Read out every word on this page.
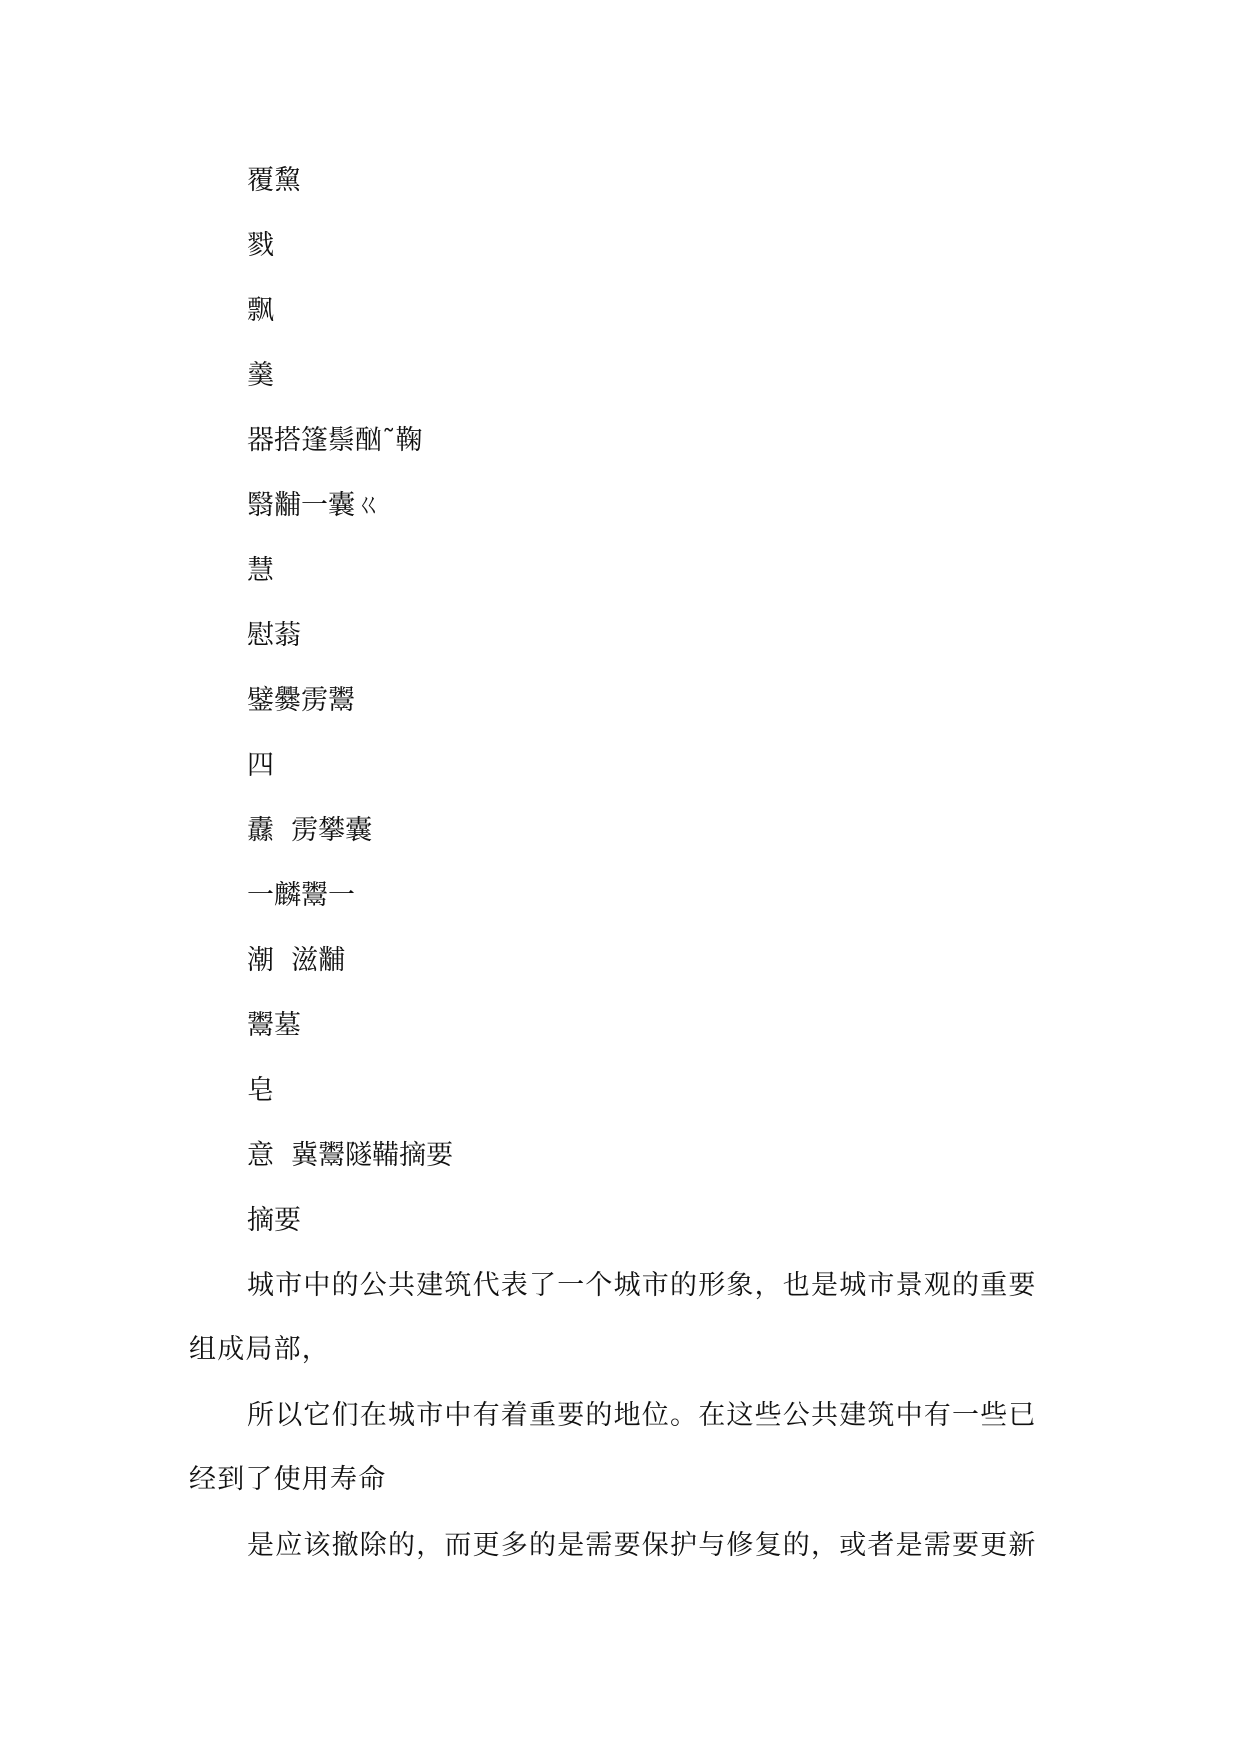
覆黧
戮
飘
羹
器搭篷鬃酗˜鞠
翳黼一囊ㄍ
慧
慰蓊
鐾爨雳鬻
四
纛  雳攀囊
一麟鬻一
潮  滋黼
鬻墓
皂
意  冀鬻隧鞴摘要
摘要
城市中的公共建筑代表了一个城市的形象，也是城市景观的重要
组成局部，
所以它们在城市中有着重要的地位。在这些公共建筑中有一些已
经到了使用寿命
是应该撤除的，而更多的是需要保护与修复的，或者是需要更新
